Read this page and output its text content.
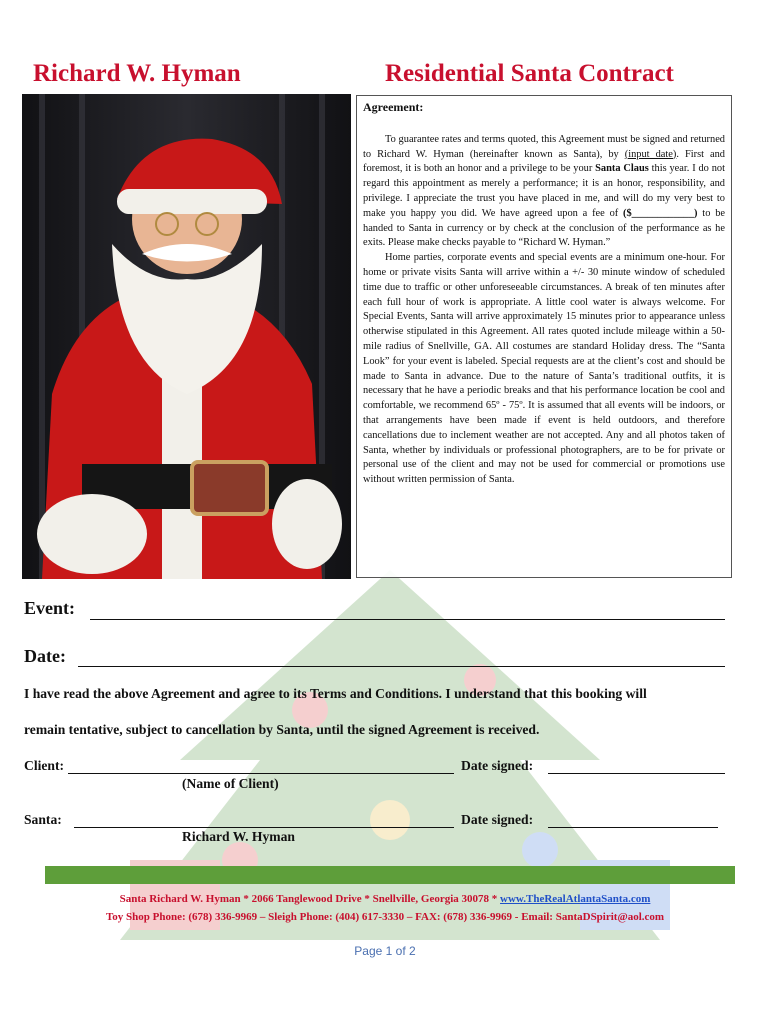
Richard W. Hyman	Residential Santa Contract
Agreement:

To guarantee rates and terms quoted, this Agreement must be signed and returned to Richard W. Hyman (hereinafter known as Santa), by (input date). First and foremost, it is both an honor and a privilege to be your Santa Claus this year. I do not regard this appointment as merely a performance; it is an honor, responsibility, and privilege. I appreciate the trust you have placed in me, and will do my very best to make you happy you did. We have agreed upon a fee of ($____________) to be handed to Santa in currency or by check at the conclusion of the performance as he exits. Please make checks payable to “Richard W. Hyman.”

Home parties, corporate events and special events are a minimum one-hour. For home or private visits Santa will arrive within a +/- 30 minute window of scheduled time due to traffic or other unforeseeable circumstances. A break of ten minutes after each full hour of work is appropriate. A little cool water is always welcome. For Special Events, Santa will arrive approximately 15 minutes prior to appearance unless otherwise stipulated in this Agreement. All rates quoted include mileage within a 50-mile radius of Snellville, GA. All costumes are standard Holiday dress. The “Santa Look” for your event is labeled. Special requests are at the client’s cost and should be made to Santa in advance. Due to the nature of Santa’s traditional outfits, it is necessary that he have a periodic breaks and that his performance location be cool and comfortable, we recommend 65º - 75º. It is assumed that all events will be indoors, or that arrangements have been made if event is held outdoors, and therefore cancellations due to inclement weather are not accepted. Any and all photos taken of Santa, whether by individuals or professional photographers, are to be for private or personal use of the client and may not be used for commercial or promotions use without written permission of Santa.

Event:
Date:
I have read the above Agreement and agree to its Terms and Conditions. I understand that this booking will
remain tentative, subject to cancellation by Santa, until the signed Agreement is received.
Client:	Date signed:
(Name of Client)
Santa:	Date signed:
Richard W. Hyman
Santa Richard W. Hyman * 2066 Tanglewood Drive * Snellville, Georgia 30078 * www.TheRealAtlantaSanta.com
Toy Shop Phone: (678) 336-9969 – Sleigh Phone: (404) 617-3330 – FAX: (678) 336-9969 - Email: SantaDSpirit@aol.com
Page 1 of 2
